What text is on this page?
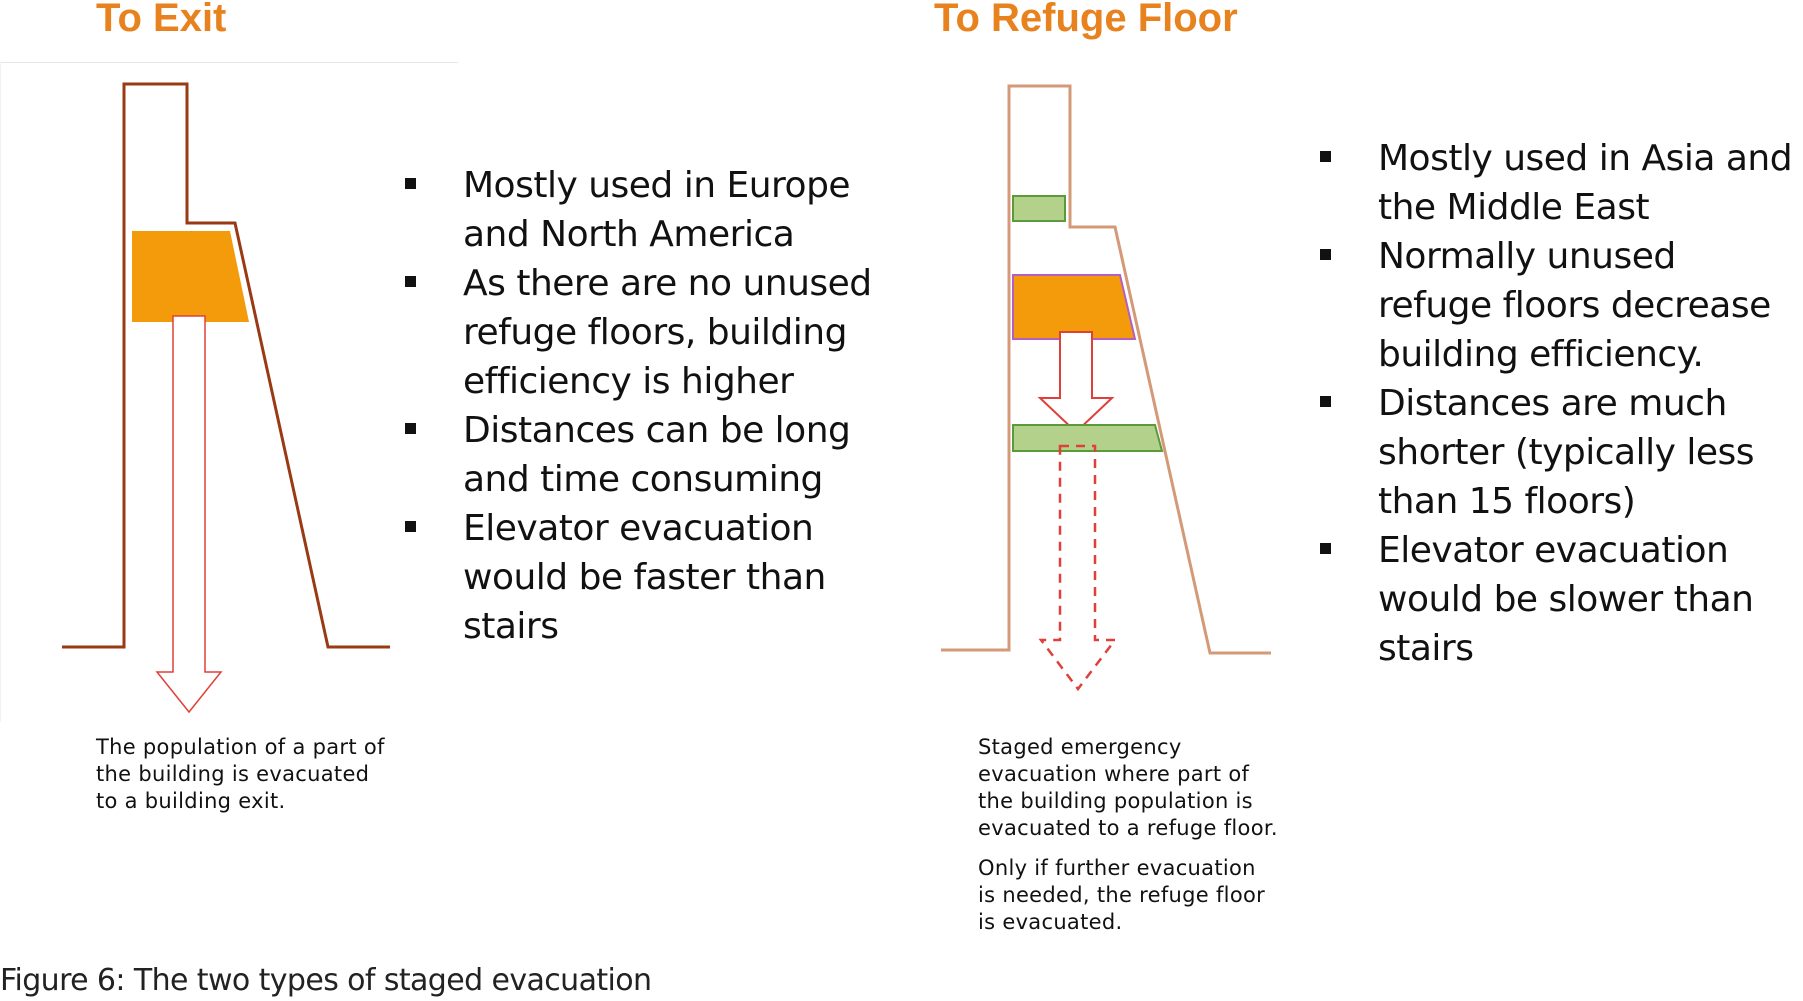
To Exit
Mostly used in Europe and North America
As there are no unused refuge floors, building efficiency is higher
Distances can be long and time consuming
Elevator evacuation would be faster than stairs

The population of a part of the building is evacuated to a building exit.

To Refuge Floor
Mostly used in Asia and the Middle East
Normally unused refuge floors decrease building efficiency.
Distances are much shorter (typically less than 15 floors)
Elevator evacuation would be slower than stairs

Staged emergency evacuation where part of the building population is evacuated to a refuge floor.

Only if further evacuation is needed, the refuge floor is evacuated.

Figure 6: The two types of staged evacuation
